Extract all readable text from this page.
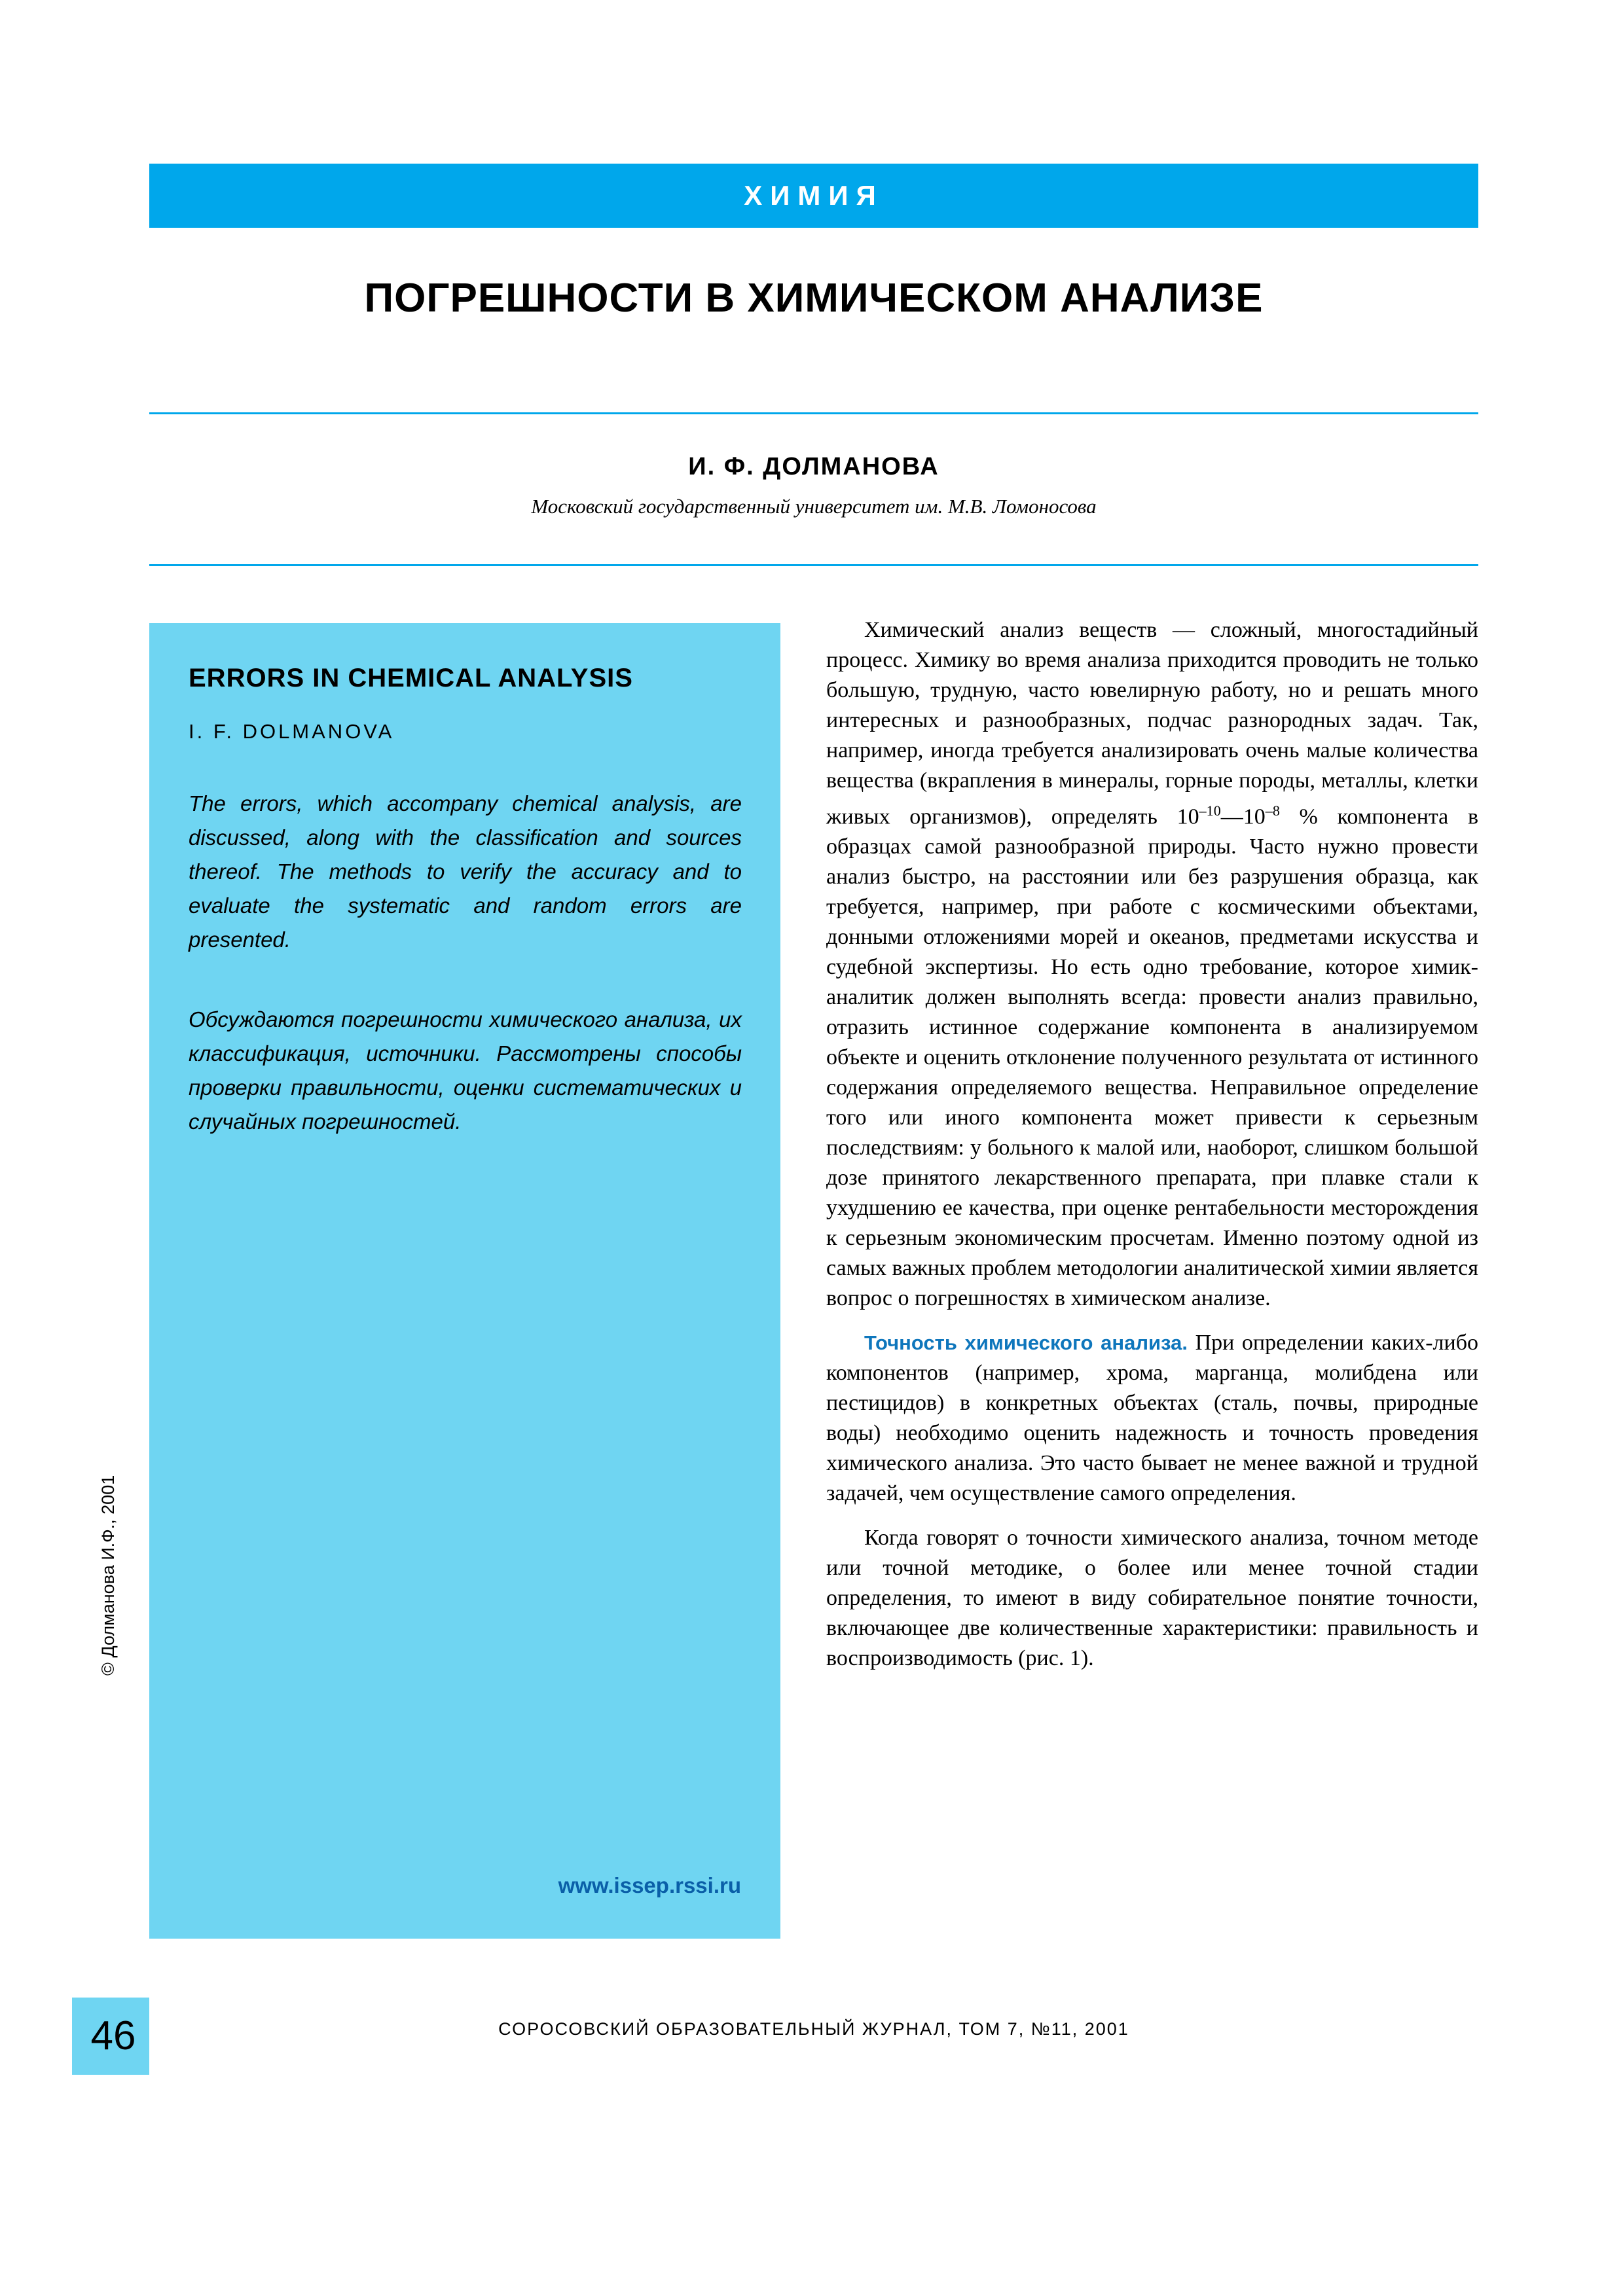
ХИМИЯ
ПОГРЕШНОСТИ В ХИМИЧЕСКОМ АНАЛИЗЕ
И. Ф. ДОЛМАНОВА
Московский государственный университет им. М.В. Ломоносова
ERRORS IN CHEMICAL ANALYSIS
I. F. DOLMANOVA
The errors, which accompany chemical analysis, are discussed, along with the classification and sources thereof. The methods to verify the accuracy and to evaluate the systematic and random errors are presented.
Обсуждаются погрешности химического анализа, их классификация, источники. Рассмотрены способы проверки правильности, оценки систематических и случайных погрешностей.
www.issep.rssi.ru
© Долманова И.Ф., 2001

Химический анализ веществ — сложный, многостадийный процесс. Химику во время анализа приходится проводить не только большую, трудную, часто ювелирную работу, но и решать много интересных и разнообразных, подчас разнородных задач. Так, например, иногда требуется анализировать очень малые количества вещества (вкрапления в минералы, горные породы, металлы, клетки живых организмов), определять $10^{-10}—10^{-8}$ % компонента в образцах самой разнообразной природы. Часто нужно провести анализ быстро, на расстоянии или без разрушения образца, как требуется, например, при работе с космическими объектами, донными отложениями морей и океанов, предметами искусства и судебной экспертизы. Но есть одно требование, которое химик-аналитик должен выполнять всегда: провести анализ правильно, отразить истинное содержание компонента в анализируемом объекте и оценить отклонение полученного результата от истинного содержания определяемого вещества. Неправильное определение того или иного компонента может привести к серьезным последствиям: у больного к малой или, наоборот, слишком большой дозе принятого лекарственного препарата, при плавке стали к ухудшению ее качества, при оценке рентабельности месторождения к серьезным экономическим просчетам. Именно поэтому одной из самых важных проблем методологии аналитической химии является вопрос о погрешностях в химическом анализе.

Точность химического анализа. При определении каких-либо компонентов (например, хрома, марганца, молибдена или пестицидов) в конкретных объектах (сталь, почвы, природные воды) необходимо оценить надежность и точность проведения химического анализа. Это часто бывает не менее важной и трудной задачей, чем осуществление самого определения.

Когда говорят о точности химического анализа, точном методе или точной методике, о более или менее точной стадии определения, то имеют в виду собирательное понятие точности, включающее две количественные характеристики: правильность и воспроизводимость (рис. 1).

46	СОРОСОВСКИЙ ОБРАЗОВАТЕЛЬНЫЙ ЖУРНАЛ, ТОМ 7, №11, 2001
